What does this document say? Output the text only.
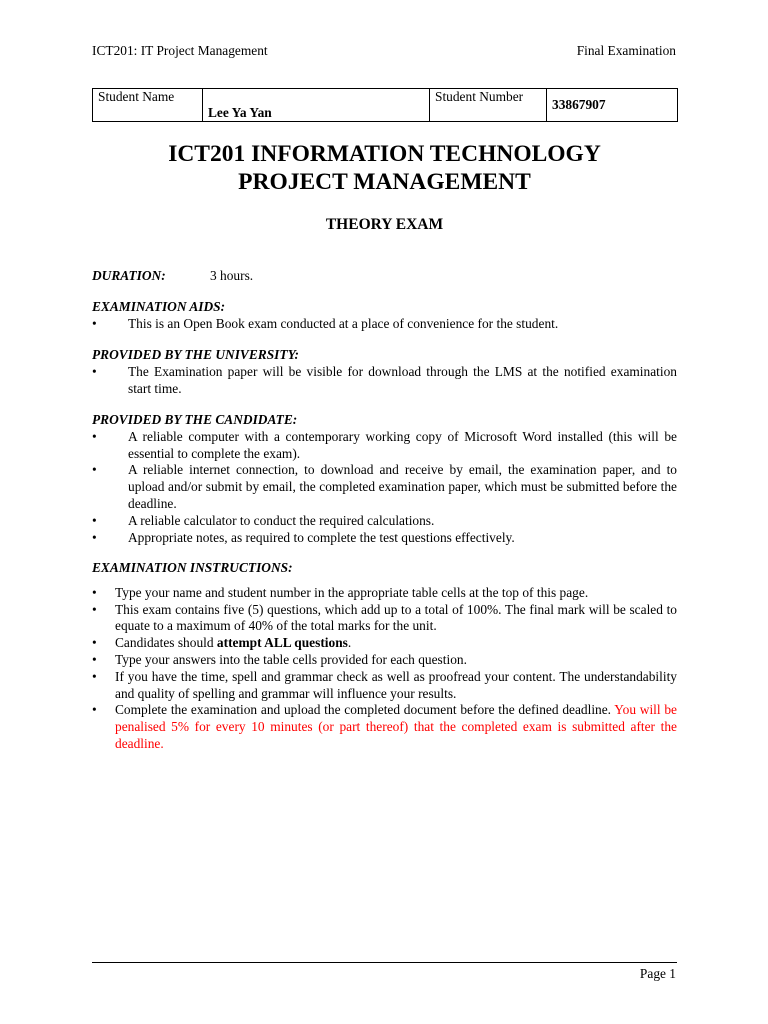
ICT201: IT Project Management	Final Examination
Student Name	Lee Ya Yan	Student Number	33867907
ICT201 INFORMATION TECHNOLOGY
PROJECT MANAGEMENT
THEORY EXAM
DURATION:	3 hours.
EXAMINATION AIDS:
• This is an Open Book exam conducted at a place of convenience for the student.
PROVIDED BY THE UNIVERSITY:
• The Examination paper will be visible for download through the LMS at the notified examination start time.
PROVIDED BY THE CANDIDATE:
• A reliable computer with a contemporary working copy of Microsoft Word installed (this will be essential to complete the exam).
• A reliable internet connection, to download and receive by email, the examination paper, and to upload and/or submit by email, the completed examination paper, which must be submitted before the deadline.
• A reliable calculator to conduct the required calculations.
• Appropriate notes, as required to complete the test questions effectively.
EXAMINATION INSTRUCTIONS:
• Type your name and student number in the appropriate table cells at the top of this page.
• This exam contains five (5) questions, which add up to a total of 100%. The final mark will be scaled to equate to a maximum of 40% of the total marks for the unit.
• Candidates should attempt ALL questions.
• Type your answers into the table cells provided for each question.
• If you have the time, spell and grammar check as well as proofread your content. The understandability and quality of spelling and grammar will influence your results.
• Complete the examination and upload the completed document before the defined deadline. You will be penalised 5% for every 10 minutes (or part thereof) that the completed exam is submitted after the deadline.
Page 1
